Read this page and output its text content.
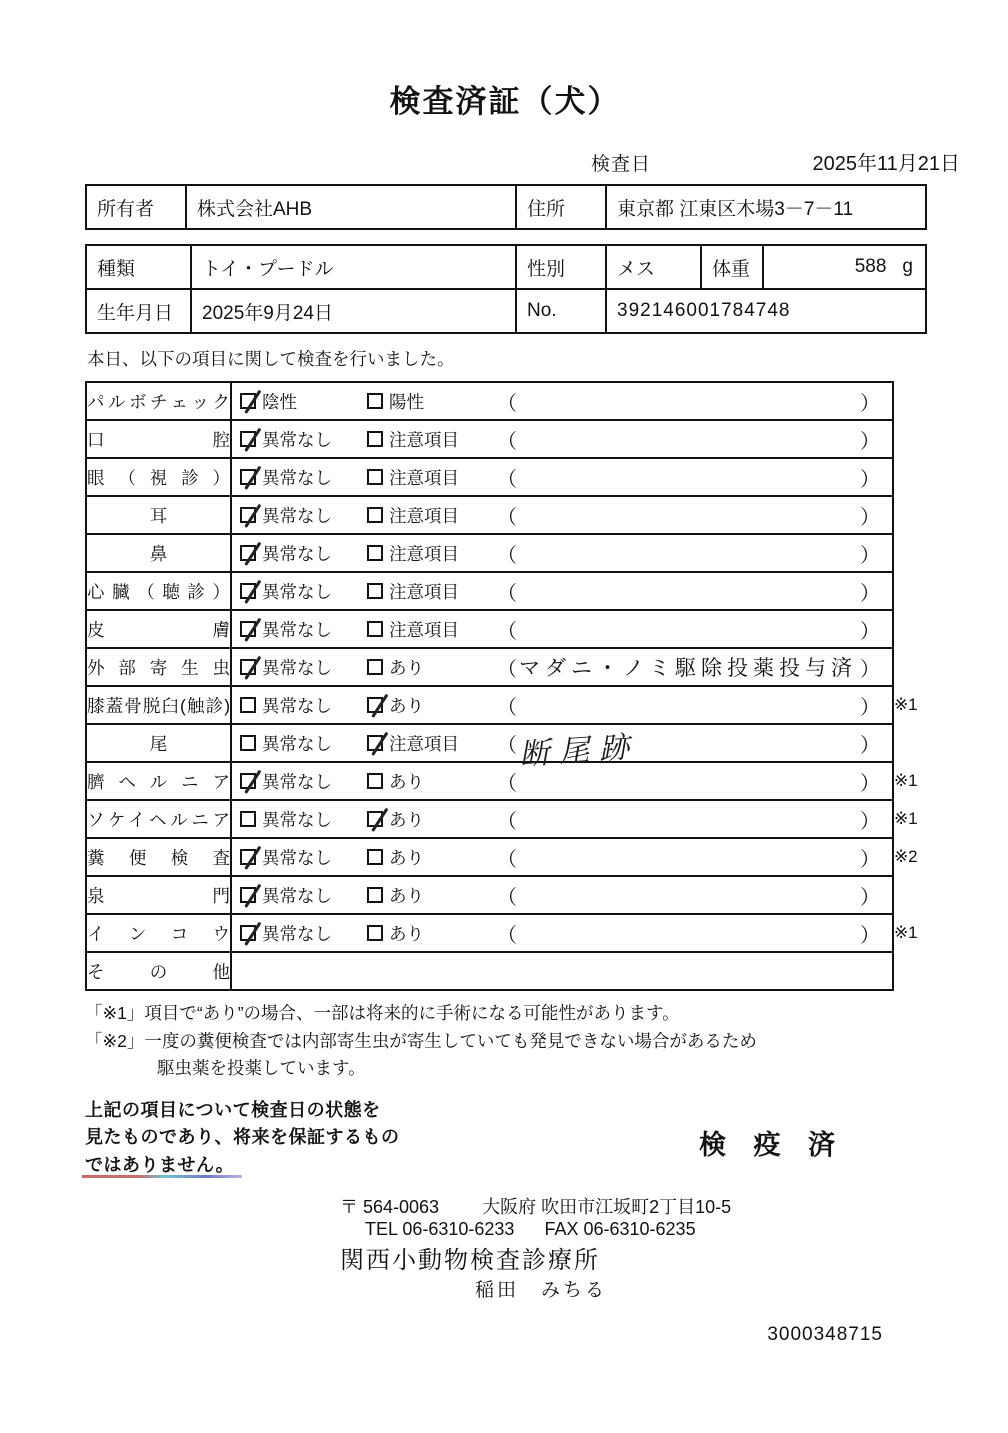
検査済証（犬）
検査日	2025年11月21日
所有者	株式会社AHB	住所	東京都 江東区木場3－7－11
種類	トイ・プードル	性別	メス	体重	588 g

生年月日	2025年9月24日	No.	392146001784748		

本日、以下の項目に関して検査を行いました。

パルボチェック	陰性 陽性 （ ）	

口腔	異常なし 注意項目 （ ）	

眼（視診）	異常なし 注意項目 （ ）	

耳	異常なし 注意項目 （ ）	

鼻	異常なし 注意項目 （ ）	

心臓（聴診）	異常なし 注意項目 （ ）	

皮膚	異常なし 注意項目 （ ）	

外部寄生虫	異常なし あり （ マダニ・ノミ駆除投薬投与済 ）	

膝蓋骨脱臼(触診)	異常なし あり （ ）	※1

尾	異常なし 注意項目 （ 断尾跡 ）	

臍ヘルニア	異常なし あり （ ）	※1

ソケイヘルニア	異常なし あり （ ）	※1

糞便検査	異常なし あり （ ）	※2

泉門	異常なし あり （ ）	

インコウ	異常なし あり （ ）	※1

その他		

「※1」項目で“あり”の場合、一部は将来的に手術になる可能性があります。

「※2」一度の糞便検査では内部寄生虫が寄生していても発見できない場合があるため

駆虫薬を投薬しています。

上記の項目について検査日の状態を
見たものであり、将来を保証するもの
ではありません。
検 疫 済

〒 564-0063 大阪府 吹田市江坂町2丁目10-5

TEL 06-6310-6233 FAX 06-6310-6235

関西小動物検査診療所

稲田　みちる

3000348715
